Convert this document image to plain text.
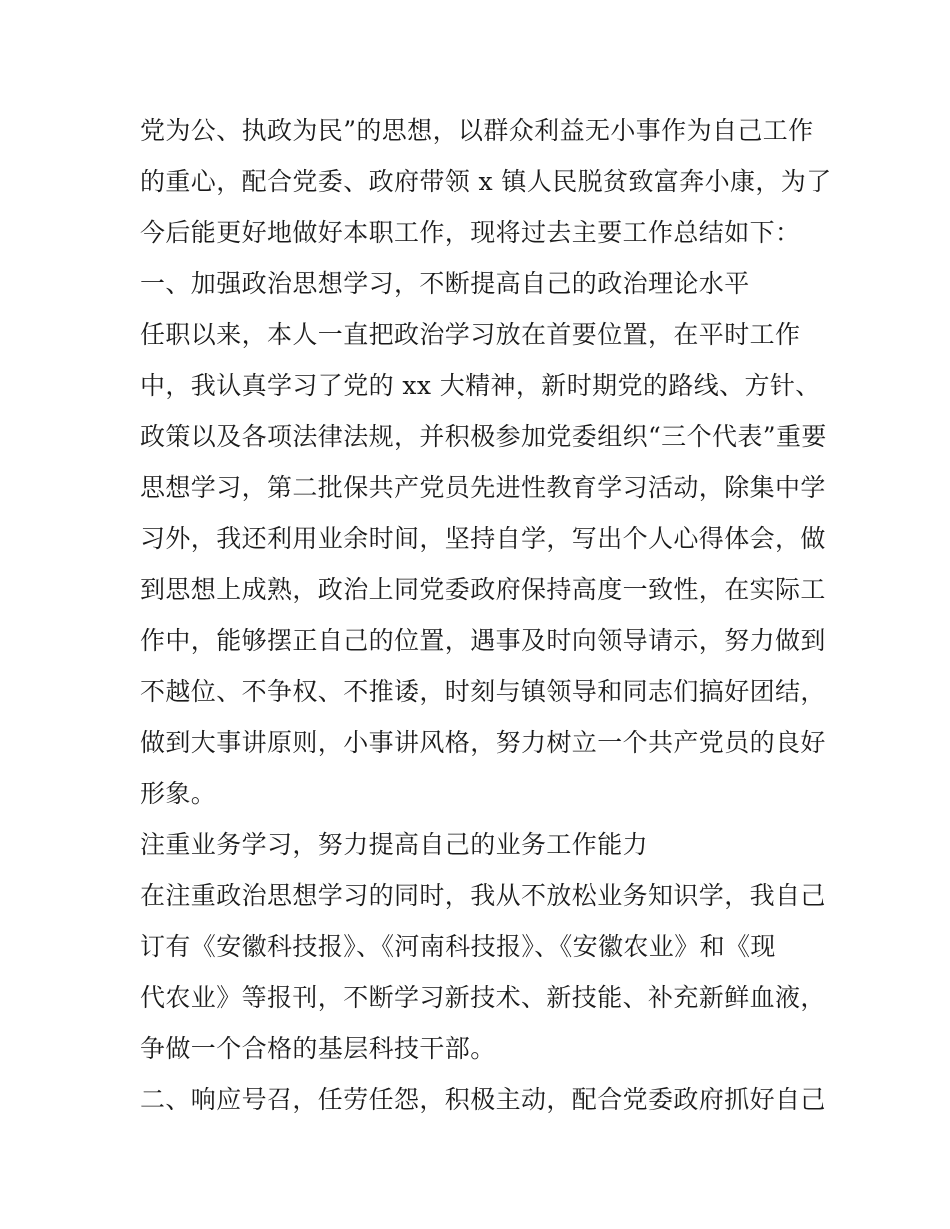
党为公、执政为民”的思想，以群众利益无小事作为自己工作
的重心，配合党委、政府带领 x 镇人民脱贫致富奔小康，为了
今后能更好地做好本职工作，现将过去主要工作总结如下：
一、加强政治思想学习，不断提高自己的政治理论水平
任职以来，本人一直把政治学习放在首要位置，在平时工作
中，我认真学习了党的 xx 大精神，新时期党的路线、方针、
政策以及各项法律法规，并积极参加党委组织“三个代表”重要
思想学习，第二批保共产党员先进性教育学习活动，除集中学
习外，我还利用业余时间，坚持自学，写出个人心得体会，做
到思想上成熟，政治上同党委政府保持高度一致性，在实际工
作中，能够摆正自己的位置，遇事及时向领导请示，努力做到
不越位、不争权、不推诿，时刻与镇领导和同志们搞好团结，
做到大事讲原则，小事讲风格，努力树立一个共产党员的良好
形象。
注重业务学习，努力提高自己的业务工作能力
在注重政治思想学习的同时，我从不放松业务知识学，我自己
订有《安徽科技报》、《河南科技报》、《安徽农业》和《现
代农业》等报刊，不断学习新技术、新技能、补充新鲜血液，
争做一个合格的基层科技干部。
二、响应号召，任劳任怨，积极主动，配合党委政府抓好自己
